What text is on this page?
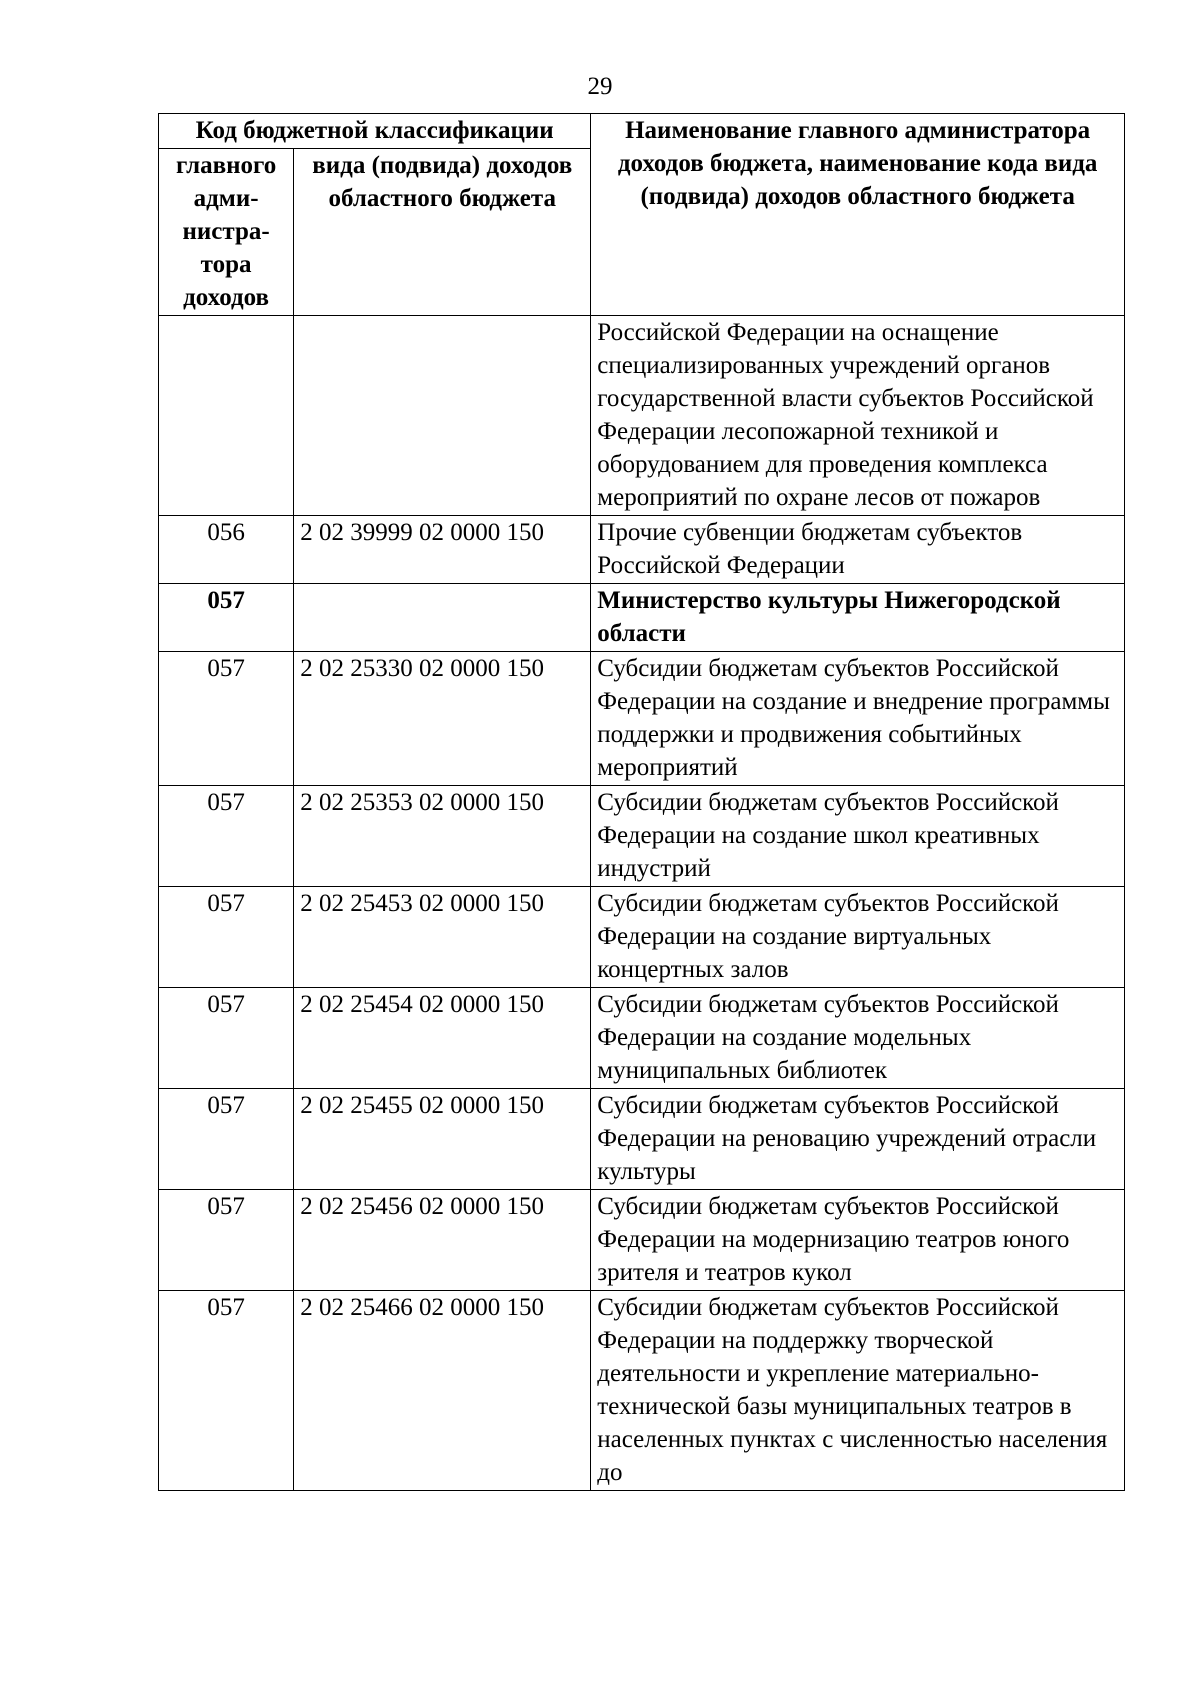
29
Код бюджетной классификации		Наименование главного администратора доходов бюджета, наименование кода вида (подвида) доходов областного бюджета
главного адми-нистра-тора доходов	вида (подвида) доходов областного бюджета	
		Российской Федерации на оснащение специализированных учреждений органов государственной власти субъектов Российской Федерации лесопожарной техникой и оборудованием для проведения комплекса мероприятий по охране лесов от пожаров
056	2 02 39999 02 0000 150	Прочие субвенции бюджетам субъектов Российской Федерации
057		Министерство культуры Нижегородской области
057	2 02 25330 02 0000 150	Субсидии бюджетам субъектов Российской Федерации на создание и внедрение программы поддержки и продвижения событийных мероприятий
057	2 02 25353 02 0000 150	Субсидии бюджетам субъектов Российской Федерации на создание школ креативных индустрий
057	2 02 25453 02 0000 150	Субсидии бюджетам субъектов Российской Федерации на создание виртуальных концертных залов
057	2 02 25454 02 0000 150	Субсидии бюджетам субъектов Российской Федерации на создание модельных муниципальных библиотек
057	2 02 25455 02 0000 150	Субсидии бюджетам субъектов Российской Федерации на реновацию учреждений отрасли культуры
057	2 02 25456 02 0000 150	Субсидии бюджетам субъектов Российской Федерации на модернизацию театров юного зрителя и театров кукол
057	2 02 25466 02 0000 150	Субсидии бюджетам субъектов Российской Федерации на поддержку творческой деятельности и укрепление материально-технической базы муниципальных театров в населенных пунктах с численностью населения до
